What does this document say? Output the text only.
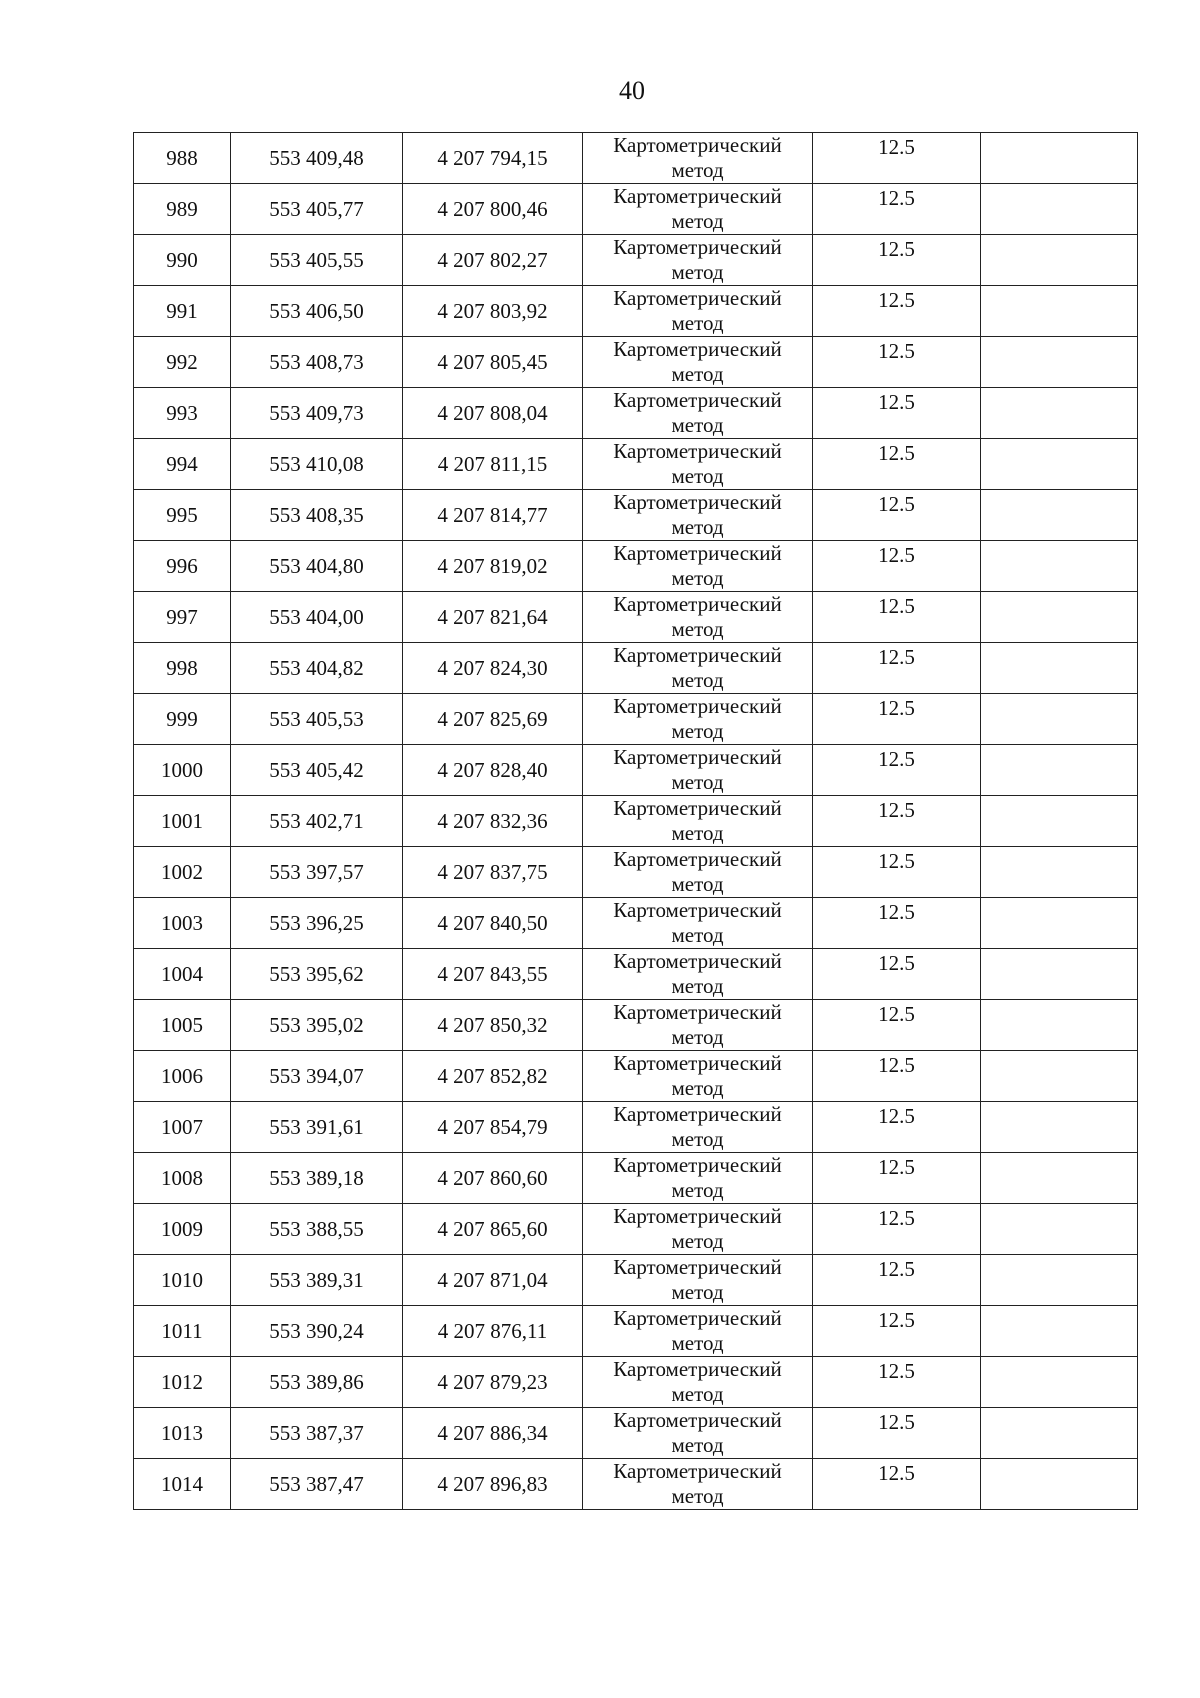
40
988	553 409,48	4 207 794,15	Картометрический
метод	12.5	
989	553 405,77	4 207 800,46	Картометрический
метод	12.5	
990	553 405,55	4 207 802,27	Картометрический
метод	12.5	
991	553 406,50	4 207 803,92	Картометрический
метод	12.5	
992	553 408,73	4 207 805,45	Картометрический
метод	12.5	
993	553 409,73	4 207 808,04	Картометрический
метод	12.5	
994	553 410,08	4 207 811,15	Картометрический
метод	12.5	
995	553 408,35	4 207 814,77	Картометрический
метод	12.5	
996	553 404,80	4 207 819,02	Картометрический
метод	12.5	
997	553 404,00	4 207 821,64	Картометрический
метод	12.5	
998	553 404,82	4 207 824,30	Картометрический
метод	12.5	
999	553 405,53	4 207 825,69	Картометрический
метод	12.5	
1000	553 405,42	4 207 828,40	Картометрический
метод	12.5	
1001	553 402,71	4 207 832,36	Картометрический
метод	12.5	
1002	553 397,57	4 207 837,75	Картометрический
метод	12.5	
1003	553 396,25	4 207 840,50	Картометрический
метод	12.5	
1004	553 395,62	4 207 843,55	Картометрический
метод	12.5	
1005	553 395,02	4 207 850,32	Картометрический
метод	12.5	
1006	553 394,07	4 207 852,82	Картометрический
метод	12.5	
1007	553 391,61	4 207 854,79	Картометрический
метод	12.5	
1008	553 389,18	4 207 860,60	Картометрический
метод	12.5	
1009	553 388,55	4 207 865,60	Картометрический
метод	12.5	
1010	553 389,31	4 207 871,04	Картометрический
метод	12.5	
1011	553 390,24	4 207 876,11	Картометрический
метод	12.5	
1012	553 389,86	4 207 879,23	Картометрический
метод	12.5	
1013	553 387,37	4 207 886,34	Картометрический
метод	12.5	
1014	553 387,47	4 207 896,83	Картометрический
метод	12.5	
